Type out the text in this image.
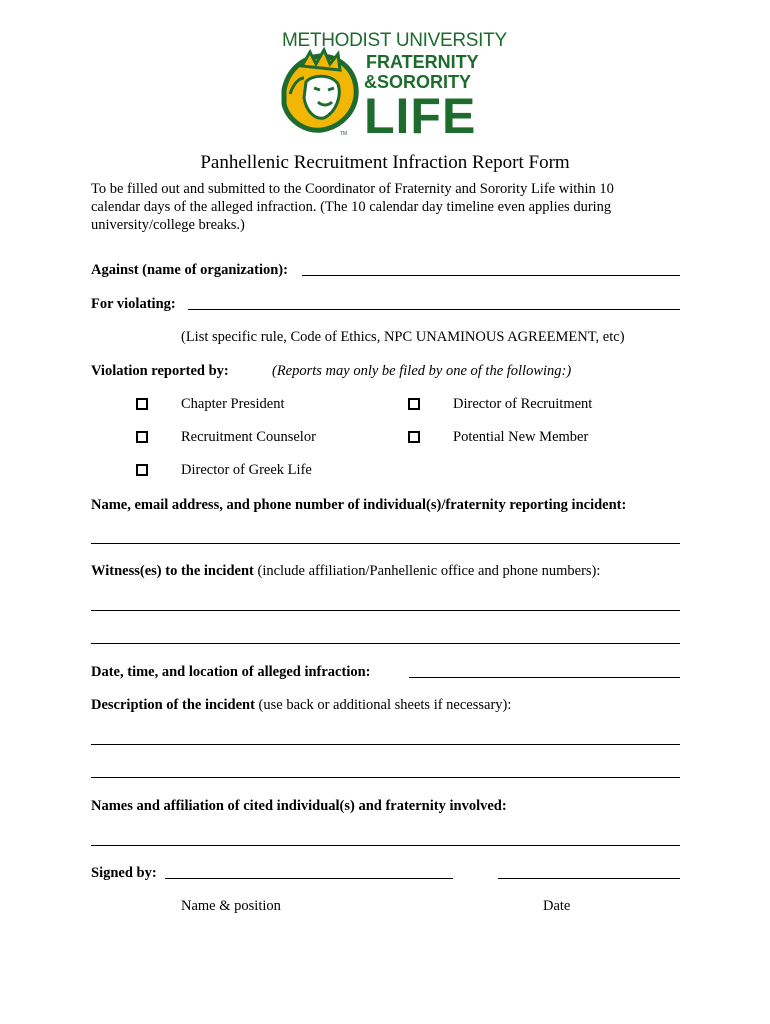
METHODIST UNIVERSITY
FRATERNITY
&SORORITY
LIFE
TM
Panhellenic Recruitment Infraction Report Form
To be filled out and submitted to the Coordinator of Fraternity and Sorority Life within 10
calendar days of the alleged infraction. (The 10 calendar day timeline even applies during
university/college breaks.)
Against (name of organization):
For violating:
(List specific rule, Code of Ethics, NPC UNAMINOUS AGREEMENT, etc)
Violation reported by:	(Reports may only be filed by one of the following:)
Chapter President	Director of Recruitment
Recruitment Counselor	Potential New Member
Director of Greek Life
Name, email address, and phone number of individual(s)/fraternity reporting incident:
Witness(es) to the incident (include affiliation/Panhellenic office and phone numbers):
Date, time, and location of alleged infraction:
Description of the incident (use back or additional sheets if necessary):
Names and affiliation of cited individual(s) and fraternity involved:
Signed by:
Name & position	Date
